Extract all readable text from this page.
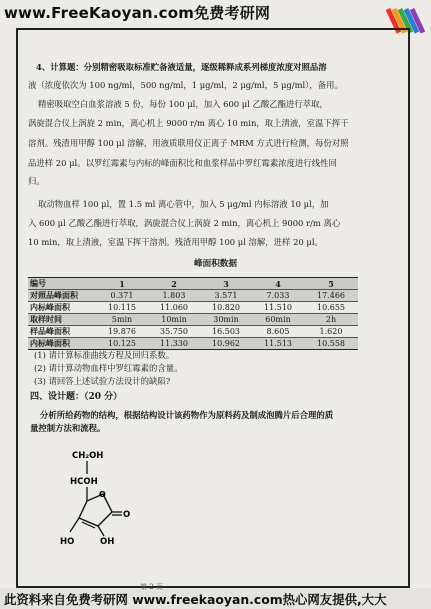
www.FreeKaoyan.com免费考研网
4、计算题：分别精密吸取标准贮备液适量，逐级稀释成系列梯度浓度对照品溶
液（浓度依次为 100 ng/ml，500 ng/ml，1 μg/ml，2 μg/ml，5 μg/ml），备用。
精密吸取空白血浆溶液 5 份，每份 100 μl，加入 600 μl 乙酸乙酯进行萃取，
涡旋混合仪上涡旋 2 min，离心机上 9000 r/m 离心 10 min，取上清液，室温下挥干
溶剂。残渣用甲醇 100 μl 溶解，用液质联用仪正离子 MRM 方式进行检测，每份对照
品进样 20 μl。以罗红霉素与内标的峰面积比和血浆样品中罗红霉素浓度进行线性回
归。
取动物血样 100 μl，置 1.5 ml 离心管中，加入 5 μg/ml 内标溶液 10 μl，加
入 600 μl 乙酸乙酯进行萃取，涡旋混合仪上涡旋 2 min，离心机上 9000 r/m 离心
10 min，取上清液，室温下挥干溶剂。残渣用甲醇 100 μl 溶解，进样 20 μl。
峰面积数据
编号	1	2	3	4	5
对照品峰面积	0.371	1.803	3.571	7.033	17.466
内标峰面积	10.115	11.060	10.820	11.510	10.655
取样时间	5min	10min	30min	60min	2h
样品峰面积	19.876	35.750	16.503	8.605	1.620
内标峰面积	10.125	11.330	10.962	11.513	10.558
(1) 请计算标准曲线方程及回归系数。
(2) 请计算动物血样中罗红霉素的含量。
(3) 请回答上述试验方法设计的缺陷?
四、设计题：（20 分）
分析所给药物的结构，根据结构设计该药物作为原料药及制成泡腾片后合理的质
量控制方法和流程。
CH₂OH
HCOH
O
O
HO	OH
第 2 页
此资料来自免费考研网 www.freekaoyan.com热心网友提供,大大
